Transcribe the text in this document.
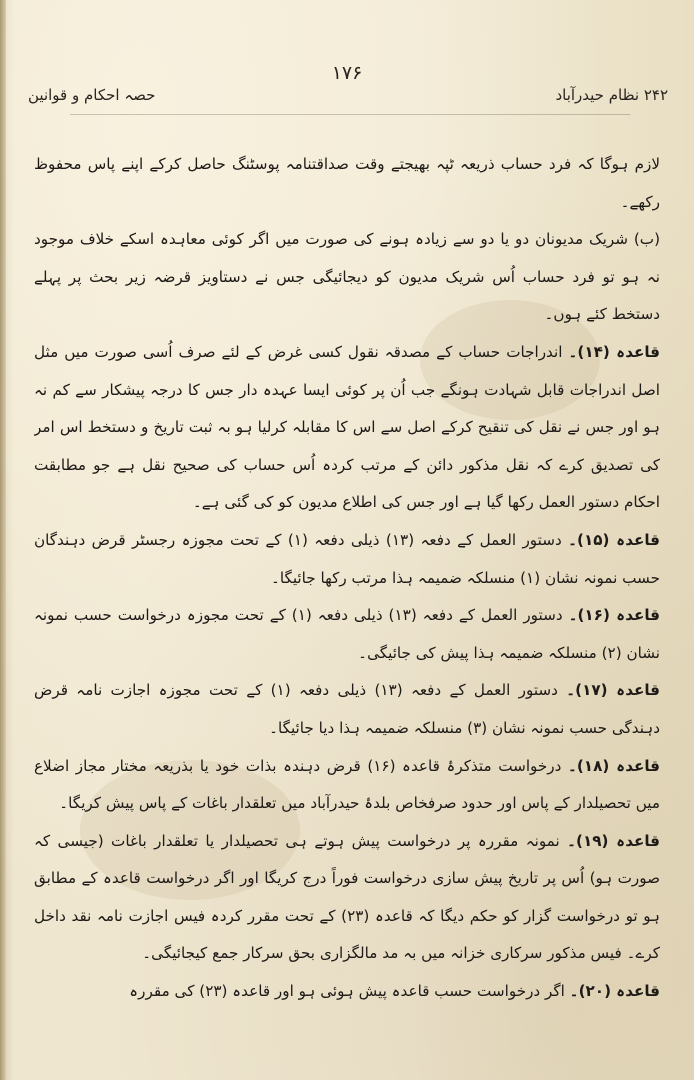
۱۷۶
۲۴۲ نظام حیدرآباد
حصہ احکام و قوانین

لازم ہوگا کہ فرد حساب ذریعہ ٹپہ بھیجتے وقت صداقتنامہ پوسٹنگ حاصل کرکے اپنے پاس محفوظ رکھے۔

(ب) شریک مدیونان دو یا دو سے زیادہ ہونے کی صورت میں اگر کوئی معاہدہ اسکے خلاف موجود نہ ہو تو فرد حساب اُس شریک مدیون کو دیجائیگی جس نے دستاویز قرضہ زیر بحث پر پہلے دستخط کئے ہوں۔

قاعدہ (۱۴)۔ اندراجات حساب کے مصدقہ نقول کسی غرض کے لئے صرف اُسی صورت میں مثل اصل اندراجات قابل شہادت ہونگے جب اُن پر کوئی ایسا عہدہ دار جس کا درجہ پیشکار سے کم نہ ہو اور جس نے نقل کی تنقیح کرکے اصل سے اس کا مقابلہ کرلیا ہو بہ ثبت تاریخ و دستخط اس امر کی تصدیق کرے کہ نقل مذکور دائن کے مرتب کردہ اُس حساب کی صحیح نقل ہے جو مطابقت احکام دستور العمل رکھا گیا ہے اور جس کی اطلاع مدیون کو کی گئی ہے۔

قاعدہ (۱۵)۔ دستور العمل کے دفعہ (۱۳) ذیلی دفعہ (۱) کے تحت مجوزہ رجسٹر قرض دہندگان حسب نمونہ نشان (۱) منسلکہ ضمیمہ ہذا مرتب رکھا جائیگا۔

قاعدہ (۱۶)۔ دستور العمل کے دفعہ (۱۳) ذیلی دفعہ (۱) کے تحت مجوزہ درخواست حسب نمونہ نشان (۲) منسلکہ ضمیمہ ہذا پیش کی جائیگی۔

قاعدہ (۱۷)۔ دستور العمل کے دفعہ (۱۳) ذیلی دفعہ (۱) کے تحت مجوزہ اجازت نامہ قرض دہندگی حسب نمونہ نشان (۳) منسلکہ ضمیمہ ہذا دیا جائیگا۔

قاعدہ (۱۸)۔ درخواست متذکرۂ قاعدہ (۱۶) قرض دہندہ بذات خود یا بذریعہ مختار مجاز اضلاع میں تحصیلدار کے پاس اور حدود صرفخاص بلدۂ حیدرآباد میں تعلقدار باغات کے پاس پیش کریگا۔

قاعدہ (۱۹)۔ نمونہ مقررہ پر درخواست پیش ہوتے ہی تحصیلدار یا تعلقدار باغات (جیسی کہ صورت ہو) اُس پر تاریخ پیش سازی درخواست فوراً درج کریگا اور اگر درخواست قاعدہ کے مطابق ہو تو درخواست گزار کو حکم دیگا کہ قاعدہ (۲۳) کے تحت مقرر کردہ فیس اجازت نامہ نقد داخل کرے۔ فیس مذکور سرکاری خزانہ میں بہ مد مالگزاری بحق سرکار جمع کیجائیگی۔

قاعدہ (۲۰)۔ اگر درخواست حسب قاعدہ پیش ہوئی ہو اور قاعدہ (۲۳) کی مقررہ
